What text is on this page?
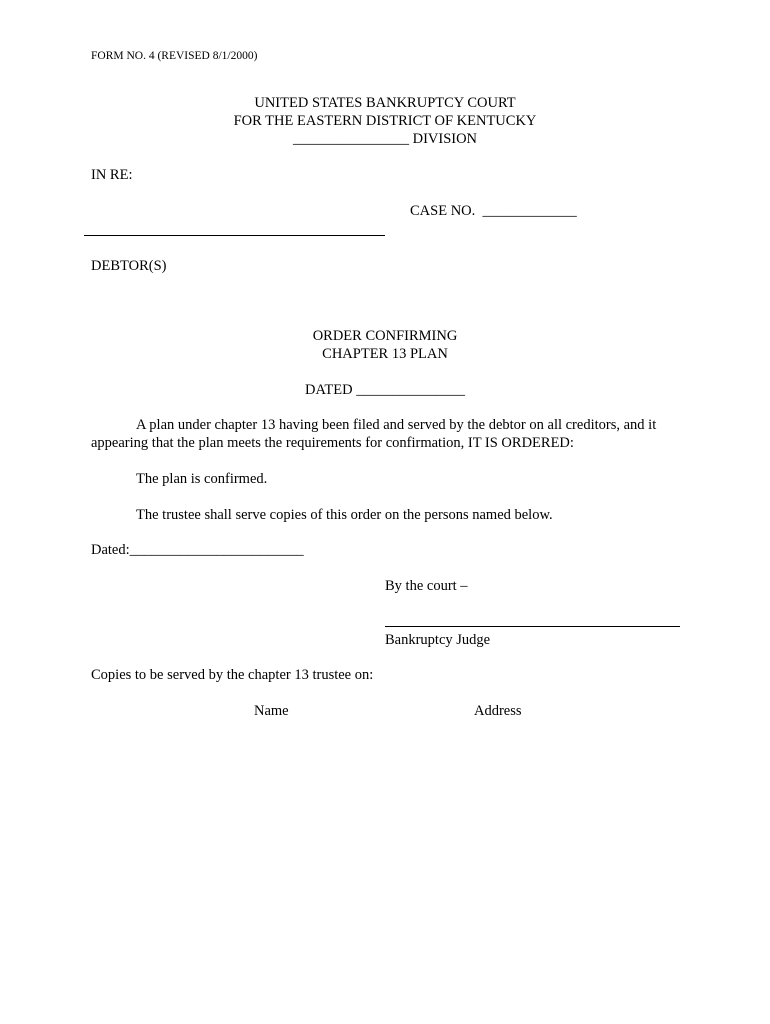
FORM NO. 4 (REVISED 8/1/2000)
UNITED STATES BANKRUPTCY COURT
FOR THE EASTERN DISTRICT OF KENTUCKY
________________ DIVISION
IN RE:
CASE NO.  _____________
DEBTOR(S)
ORDER CONFIRMING
CHAPTER 13 PLAN
DATED _______________
A plan under chapter 13 having been filed and served by the debtor on all creditors, and it
appearing that the plan meets the requirements for confirmation, IT IS ORDERED:
The plan is confirmed.
The trustee shall serve copies of this order on the persons named below.
Dated:________________________
By the court –
Bankruptcy Judge
Copies to be served by the chapter 13 trustee on:
Name	Address
